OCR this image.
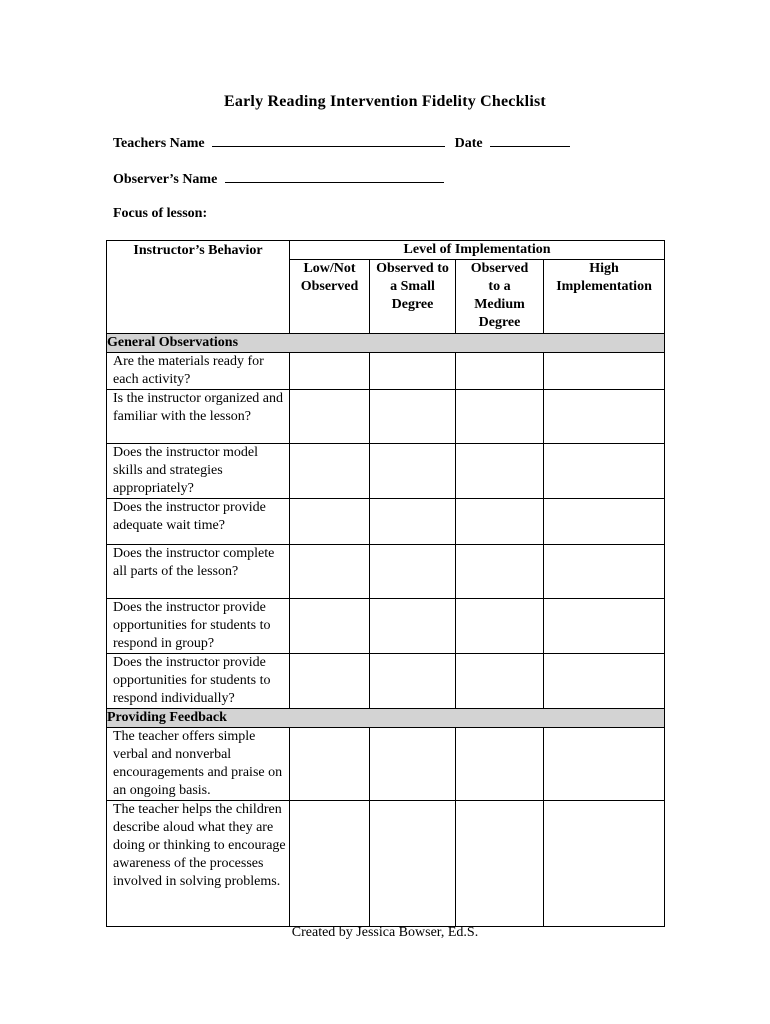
Early Reading Intervention Fidelity Checklist
Teachers Name	Date
Observer’s Name
Focus of lesson:
Instructor’s Behavior	Level of Implementation			
	Low/Not Observed	Observed to a Small Degree	Observed to a Medium Degree	High Implementation
General Observations				
Are the materials ready for each activity?				
Is the instructor organized and familiar with the lesson?				
Does the instructor model skills and strategies appropriately?				
Does the instructor provide adequate wait time?				
Does the instructor complete all parts of the lesson?				
Does the instructor provide opportunities for students to respond in group?				
Does the instructor provide opportunities for students to respond individually?				
Providing Feedback				
The teacher offers simple verbal and nonverbal encouragements and praise on an ongoing basis.				
The teacher helps the children describe aloud what they are doing or thinking to encourage awareness of the processes involved in solving problems.				
Created by Jessica Bowser, Ed.S.
